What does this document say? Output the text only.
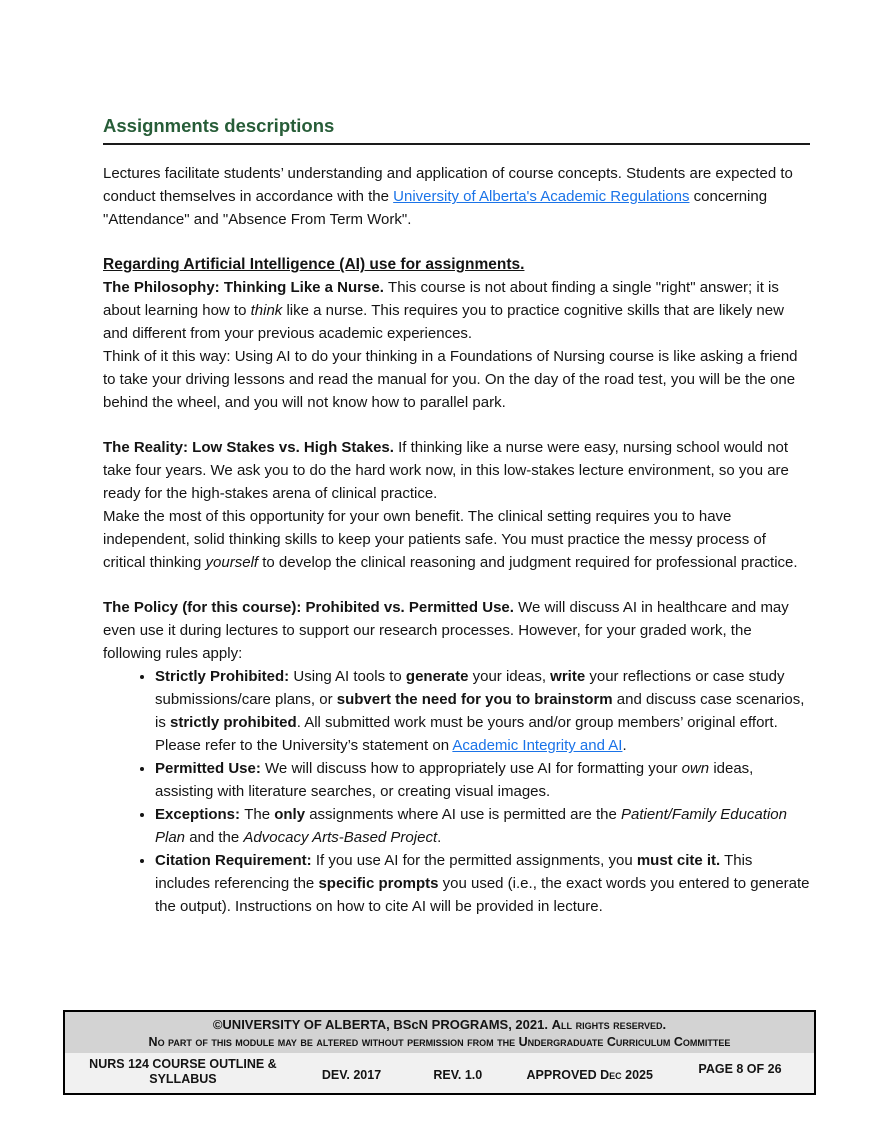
Assignments descriptions

Lectures facilitate students’ understanding and application of course concepts. Students are expected to conduct themselves in accordance with the University of Alberta's Academic Regulations concerning "Attendance" and "Absence From Term Work".

Regarding Artificial Intelligence (AI) use for assignments.

The Philosophy: Thinking Like a Nurse. This course is not about finding a single "right" answer; it is about learning how to think like a nurse. This requires you to practice cognitive skills that are likely new and different from your previous academic experiences.

Think of it this way: Using AI to do your thinking in a Foundations of Nursing course is like asking a friend to take your driving lessons and read the manual for you. On the day of the road test, you will be the one behind the wheel, and you will not know how to parallel park.

The Reality: Low Stakes vs. High Stakes. If thinking like a nurse were easy, nursing school would not take four years. We ask you to do the hard work now, in this low-stakes lecture environment, so you are ready for the high-stakes arena of clinical practice.

Make the most of this opportunity for your own benefit. The clinical setting requires you to have independent, solid thinking skills to keep your patients safe. You must practice the messy process of critical thinking yourself to develop the clinical reasoning and judgment required for professional practice.

The Policy (for this course): Prohibited vs. Permitted Use. We will discuss AI in healthcare and may even use it during lectures to support our research processes. However, for your graded work, the following rules apply:

• Strictly Prohibited: Using AI tools to generate your ideas, write your reflections or case study submissions/care plans, or subvert the need for you to brainstorm and discuss case scenarios, is strictly prohibited. All submitted work must be yours and/or group members’ original effort. Please refer to the University’s statement on Academic Integrity and AI.
• Permitted Use: We will discuss how to appropriately use AI for formatting your own ideas, assisting with literature searches, or creating visual images.
• Exceptions: The only assignments where AI use is permitted are the Patient/Family Education Plan and the Advocacy Arts-Based Project.
• Citation Requirement: If you use AI for the permitted assignments, you must cite it. This includes referencing the specific prompts you used (i.e., the exact words you entered to generate the output). Instructions on how to cite AI will be provided in lecture.
©UNIVERSITY OF ALBERTA, BScN PROGRAMS, 2021. All rights reserved.
No part of this module may be altered without permission from the Undergraduate Curriculum Committee
NURS 124 COURSE OUTLINE & SYLLABUS	DEV. 2017	REV. 1.0	APPROVED Dec 2025	PAGE 8 OF 26
